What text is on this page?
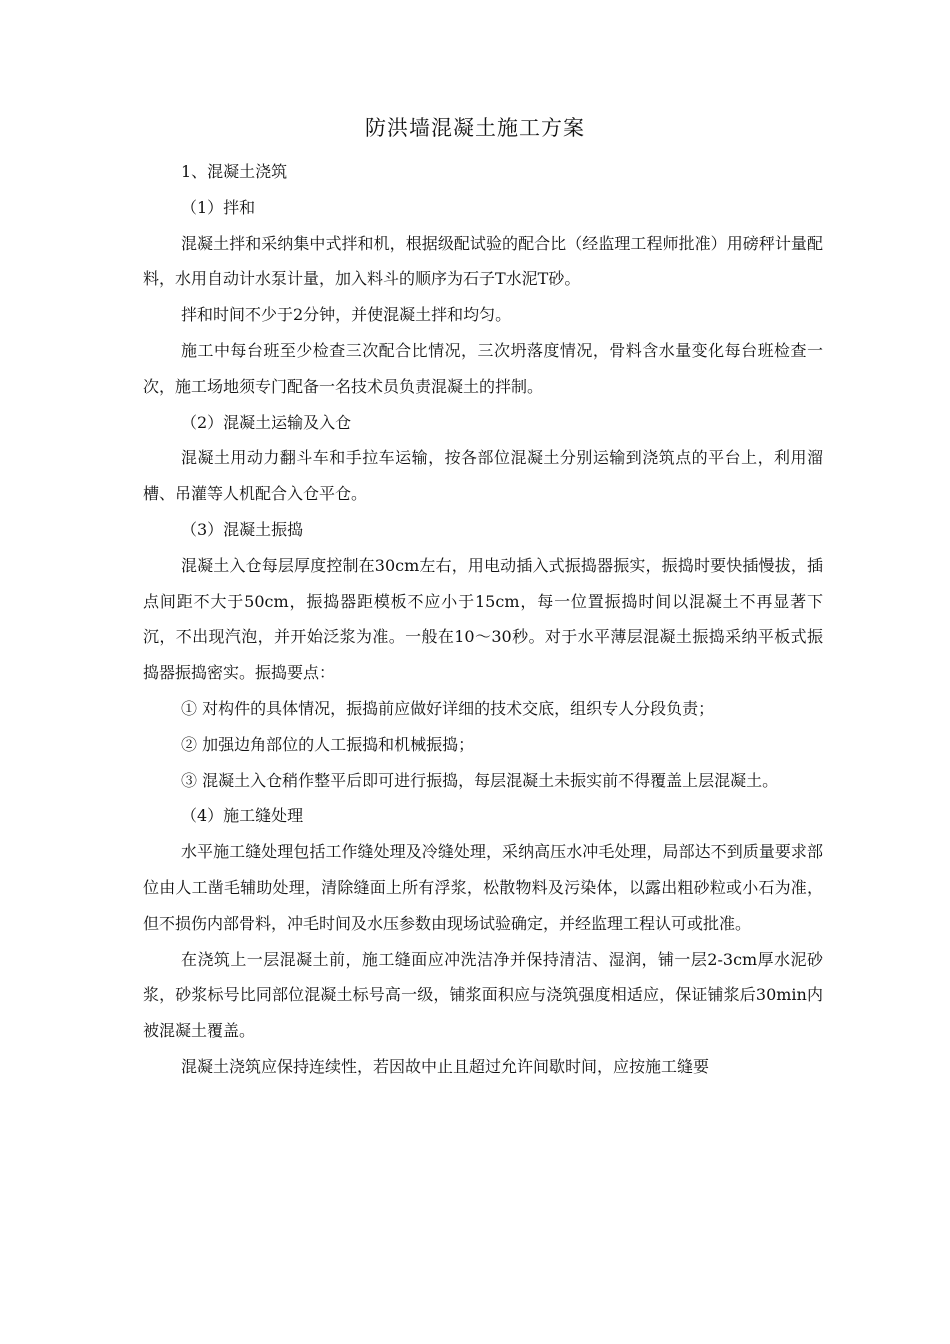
防洪墙混凝土施工方案

1、混凝土浇筑

（1）拌和

混凝土拌和采纳集中式拌和机，根据级配试验的配合比（经监理工程师批准）用磅秤计量配料，水用自动计水泵计量，加入料斗的顺序为石子T水泥T砂。

拌和时间不少于2分钟，并使混凝土拌和均匀。

施工中每台班至少检查三次配合比情况，三次坍落度情况，骨料含水量变化每台班检查一次，施工场地须专门配备一名技术员负责混凝土的拌制。

（2）混凝土运输及入仓

混凝土用动力翻斗车和手拉车运输，按各部位混凝土分别运输到浇筑点的平台上，利用溜槽、吊灌等人机配合入仓平仓。

（3）混凝土振捣

混凝土入仓每层厚度控制在30cm左右，用电动插入式振捣器振实，振捣时要快插慢拔，插点间距不大于50cm，振捣器距模板不应小于15cm，每一位置振捣时间以混凝土不再显著下沉，不出现汽泡，并开始泛浆为准。一般在10〜30秒。对于水平薄层混凝土振捣采纳平板式振捣器振捣密实。振捣要点：

① 对构件的具体情况，振捣前应做好详细的技术交底，组织专人分段负责；

② 加强边角部位的人工振捣和机械振捣；

③ 混凝土入仓稍作整平后即可进行振捣，每层混凝土未振实前不得覆盖上层混凝土。

（4）施工缝处理

水平施工缝处理包括工作缝处理及冷缝处理，采纳高压水冲毛处理，局部达不到质量要求部位由人工凿毛辅助处理，清除缝面上所有浮浆，松散物料及污染体，以露出粗砂粒或小石为准，但不损伤内部骨料，冲毛时间及水压参数由现场试验确定，并经监理工程认可或批准。

在浇筑上一层混凝土前，施工缝面应冲洗洁净并保持清洁、湿润，铺一层2-3cm厚水泥砂浆，砂浆标号比同部位混凝土标号高一级，铺浆面积应与浇筑强度相适应，保证铺浆后30min内被混凝土覆盖。

混凝土浇筑应保持连续性，若因故中止且超过允许间歇时间，应按施工缝要
